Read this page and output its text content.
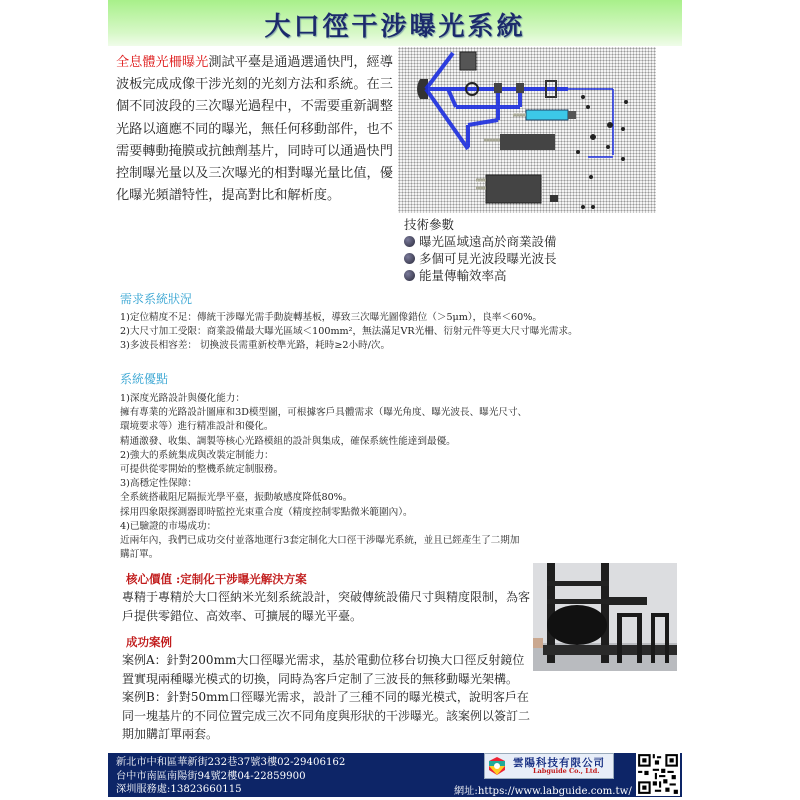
大口徑干涉曝光系統
全息體光柵曝光測試平臺是通過選通快門，經導波板完成成像干涉光刻的光刻方法和系統。在三個不同波段的三次曝光過程中，不需要重新調整光路以適應不同的曝光，無任何移動部件，也不需要轉動掩膜或抗蝕劑基片，同時可以通過快門控制曝光量以及三次曝光的相對曝光量比值，優化曝光頻譜特性，提高對比和解析度。
技術參數
曝光區域遠高於商業設備
多個可見光波段曝光波長
能量傳輸效率高
需求系統狀況
1)定位精度不足：傳統干涉曝光需手動旋轉基板，導致三次曝光圖像錯位（＞5μm），良率＜60%。
2)大尺寸加工受限：商業設備最大曝光區域＜100mm²，無法滿足VR光柵、衍射元件等更大尺寸曝光需求。
3)多波長相容差： 切換波長需重新校準光路，耗時≥2小時/次。
系統優點
1)深度光路設計與優化能力：
擁有專業的光路設計圖庫和3D模型圖，可根據客戶具體需求（曝光角度、曝光波長、曝光尺寸、
環境要求等）進行精准設計和優化。
精通激發、收集、調製等核心光路模組的設計與集成，確保系統性能達到最優。
2)強大的系統集成與改裝定制能力：
可提供從零開始的整機系統定制服務。
3)高穩定性保障：
全系統搭載阻尼隔振光學平臺，振動敏感度降低80%。
採用四象限探測器即時監控光束重合度（精度控制零點微米範圍內）。
4)已驗證的市場成功：
近兩年內，我們已成功交付並落地運行3套定制化大口徑干涉曝光系統，並且已經產生了二期加
購訂單。
核心價值 :定制化干涉曝光解決方案
專精于專精於大口徑納米光刻系統設計，突破傳統設備尺寸與精度限制，為客戶提供零錯位、高效率、可擴展的曝光平臺。
成功案例
案例A：針對200mm大口徑曝光需求，基於電動位移台切換大口徑反射鏡位置實現兩種曝光模式的切換，同時為客戶定制了三波長的無移動曝光架構。
案例B：針對50mm口徑曝光需求，設計了三種不同的曝光模式，說明客戶在同一塊基片的不同位置完成三次不同角度與形狀的干涉曝光。該案例以簽訂二期加購訂單兩套。
新北市中和區華新街232巷37號3樓02-29406162
台中市南區南陽街94號2樓04-22859900
深圳服務處:13823660115
雲陽科技有限公司
Labguide Co., Ltd.
網址:https://www.labguide.com.tw/
